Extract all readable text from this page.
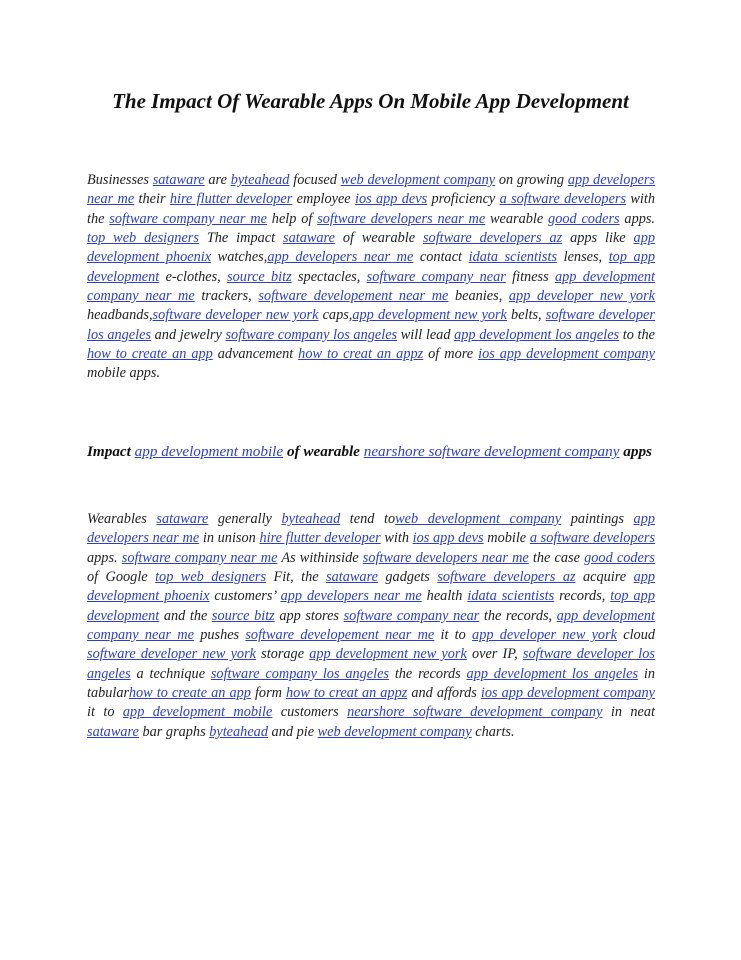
The Impact Of Wearable Apps On Mobile App Development

Businesses sataware are byteahead focused web development company on growing app developers near me their hire flutter developer employee ios app devs proficiency a software developers with the software company near me help of software developers near me wearable good coders apps. top web designers The impact sataware of wearable software developers az apps like app development phoenix watches,app developers near me contact idata scientists lenses, top app development e-clothes, source bitz spectacles, software company near fitness app development company near me trackers, software developement near me beanies, app developer new york headbands,software developer new york caps,app development new york belts, software developer los angeles and jewelry software company los angeles will lead app development los angeles to the how to create an app advancement how to creat an appz of more ios app development company mobile apps.

Impact app development mobile of wearable nearshore software development company apps

Wearables sataware generally byteahead tend toweb development company paintings app developers near me in unison hire flutter developer with ios app devs mobile a software developers apps. software company near me As withinside software developers near me the case good coders of Google top web designers Fit, the sataware gadgets software developers az acquire app development phoenix customers’ app developers near me health idata scientists records, top app development and the source bitz app stores software company near the records, app development company near me pushes software developement near me it to app developer new york cloud software developer new york storage app development new york over IP, software developer los angeles a technique software company los angeles the records app development los angeles in tabularhow to create an app form how to creat an appz and affords ios app development company it to app development mobile customers nearshore software development company in neat sataware bar graphs byteahead and pie web development company charts.
